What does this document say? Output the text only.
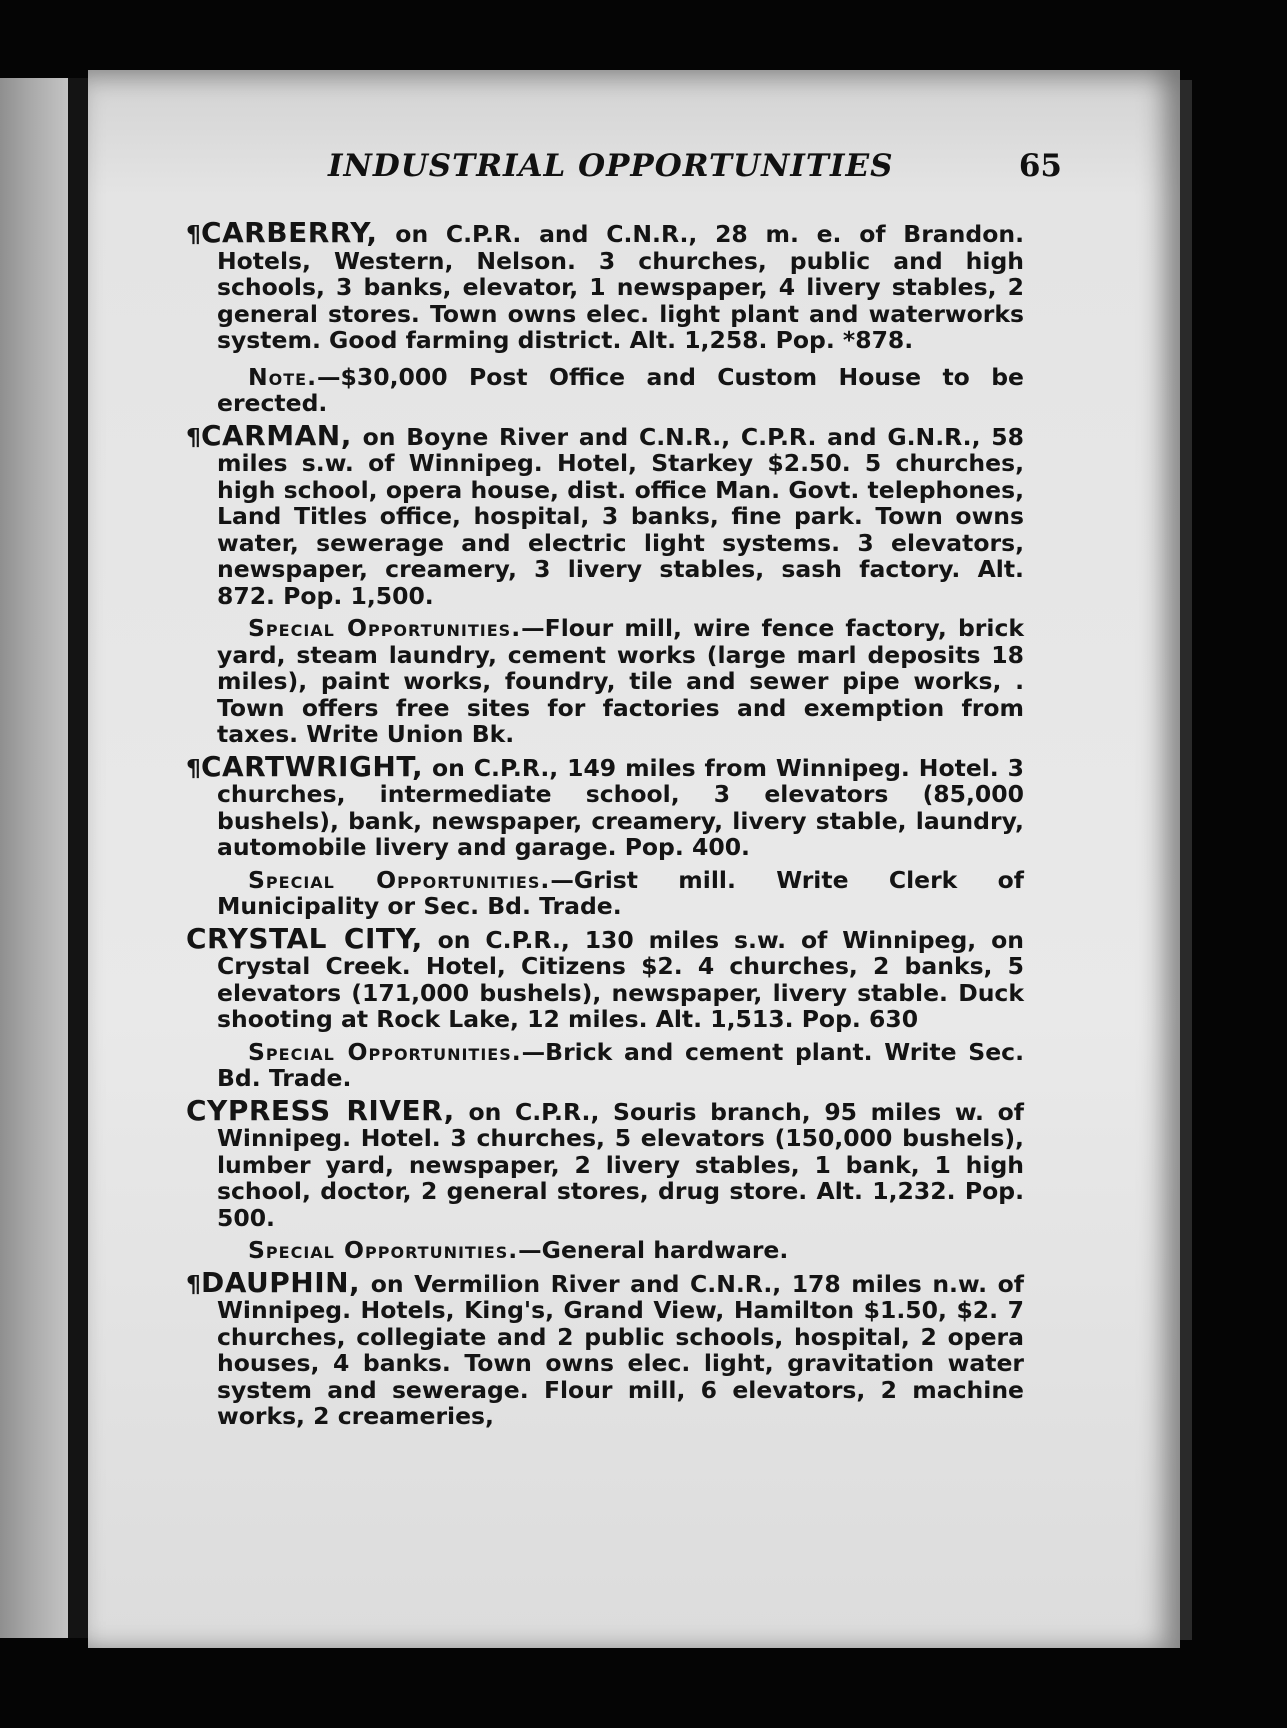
INDUSTRIAL OPPORTUNITIES	65

¶CARBERRY, on C.P.R. and C.N.R., 28 m. e. of Brandon. Hotels, Western, Nelson. 3 churches, public and high schools, 3 banks, elevator, 1 newspaper, 4 livery stables, 2 general stores. Town owns elec. light plant and waterworks system. Good farming district. Alt. 1,258. Pop. *878.

Note.—$30,000 Post Office and Custom House to be erected.

¶CARMAN, on Boyne River and C.N.R., C.P.R. and G.N.R., 58 miles s.w. of Winnipeg. Hotel, Starkey $2.50. 5 churches, high school, opera house, dist. office Man. Govt. telephones, Land Titles office, hospital, 3 banks, fine park. Town owns water, sewerage and electric light systems. 3 elevators, newspaper, creamery, 3 livery stables, sash factory. Alt. 872. Pop. 1,500.

Special Opportunities.—Flour mill, wire fence factory, brick yard, steam laundry, cement works (large marl deposits 18 miles), paint works, foundry, tile and sewer pipe works, . Town offers free sites for factories and exemption from taxes. Write Union Bk.

¶CARTWRIGHT, on C.P.R., 149 miles from Winnipeg. Hotel. 3 churches, intermediate school, 3 elevators (85,000 bushels), bank, newspaper, creamery, livery stable, laundry, automobile livery and garage. Pop. 400.

Special Opportunities.—Grist mill. Write Clerk of Municipality or Sec. Bd. Trade.

CRYSTAL CITY, on C.P.R., 130 miles s.w. of Winnipeg, on Crystal Creek. Hotel, Citizens $2. 4 churches, 2 banks, 5 elevators (171,000 bushels), newspaper, livery stable. Duck shooting at Rock Lake, 12 miles. Alt. 1,513. Pop. 630

Special Opportunities.—Brick and cement plant. Write Sec. Bd. Trade.

CYPRESS RIVER, on C.P.R., Souris branch, 95 miles w. of Winnipeg. Hotel. 3 churches, 5 elevators (150,000 bushels), lumber yard, newspaper, 2 livery stables, 1 bank, 1 high school, doctor, 2 general stores, drug store. Alt. 1,232. Pop. 500.

Special Opportunities.—General hardware.

¶DAUPHIN, on Vermilion River and C.N.R., 178 miles n.w. of Winnipeg. Hotels, King's, Grand View, Hamilton $1.50, $2. 7 churches, collegiate and 2 public schools, hospital, 2 opera houses, 4 banks. Town owns elec. light, gravitation water system and sewerage. Flour mill, 6 elevators, 2 machine works, 2 creameries,
